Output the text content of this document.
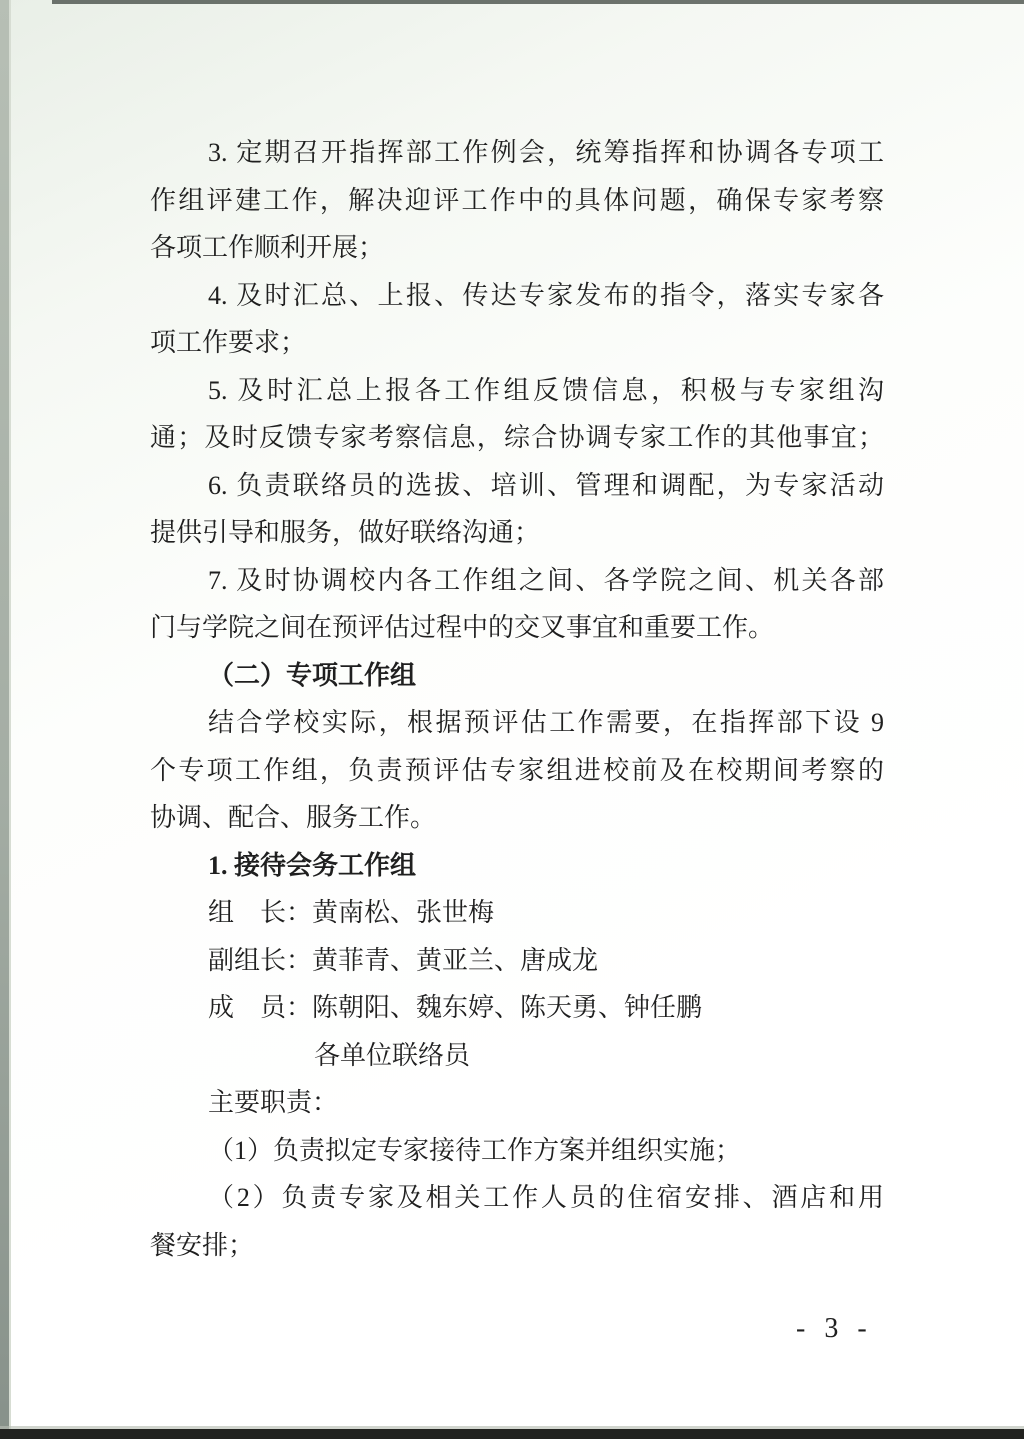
3. 定期召开指挥部工作例会，统筹指挥和协调各专项工
作组评建工作，解决迎评工作中的具体问题，确保专家考察
各项工作顺利开展；
4. 及时汇总、上报、传达专家发布的指令，落实专家各
项工作要求；
5. 及时汇总上报各工作组反馈信息，积极与专家组沟
通；及时反馈专家考察信息，综合协调专家工作的其他事宜；
6. 负责联络员的选拔、培训、管理和调配，为专家活动
提供引导和服务，做好联络沟通；
7. 及时协调校内各工作组之间、各学院之间、机关各部
门与学院之间在预评估过程中的交叉事宜和重要工作。
（二）专项工作组
结合学校实际，根据预评估工作需要，在指挥部下设 9
个专项工作组，负责预评估专家组进校前及在校期间考察的
协调、配合、服务工作。
1. 接待会务工作组
组　长：黄南松、张世梅
副组长：黄菲青、黄亚兰、唐成龙
成　员：陈朝阳、魏东婷、陈天勇、钟任鹏
各单位联络员
主要职责：
（1）负责拟定专家接待工作方案并组织实施；
（2）负责专家及相关工作人员的住宿安排、酒店和用
餐安排；
- 3 -
